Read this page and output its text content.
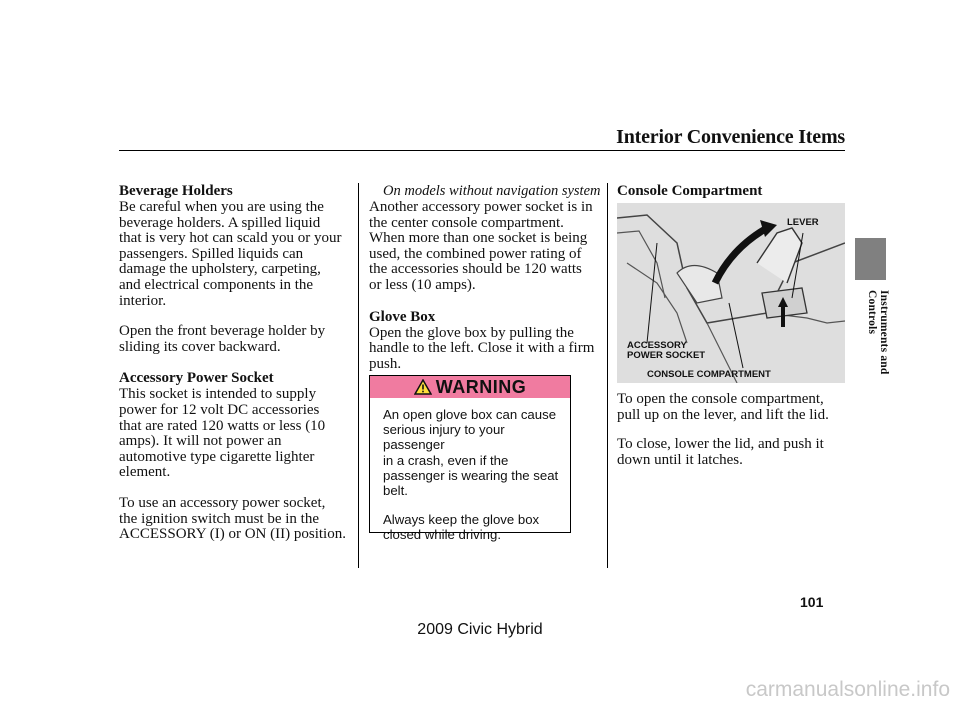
Interior Convenience Items
Instruments and Controls
Beverage Holders

Be careful when you are using the

beverage holders. A spilled liquid

that is very hot can scald you or your

passengers. Spilled liquids can

damage the upholstery, carpeting,

and electrical components in the

interior.

Open the front beverage holder by

sliding its cover backward.

Accessory Power Socket

This socket is intended to supply

power for 12 volt DC accessories

that are rated 120 watts or less (10

amps). It will not power an

automotive type cigarette lighter

element.

To use an accessory power socket,

the ignition switch must be in the

ACCESSORY (I) or ON (II) position.

On models without navigation system

Another accessory power socket is in

the center console compartment.

When more than one socket is being

used, the combined power rating of

the accessories should be 120 watts

or less (10 amps).

Glove Box

Open the glove box by pulling the

handle to the left. Close it with a firm

push.

WARNING

An open glove box can cause

serious injury to your passenger

in a crash, even if the

passenger is wearing the seat

belt.

Always keep the glove box

closed while driving.

Console Compartment
LEVER
ACCESSORY
POWER SOCKET
CONSOLE COMPARTMENT

To open the console compartment,

pull up on the lever, and lift the lid.

To close, lower the lid, and push it

down until it latches.

101
2009 Civic Hybrid
carmanualsonline.info
